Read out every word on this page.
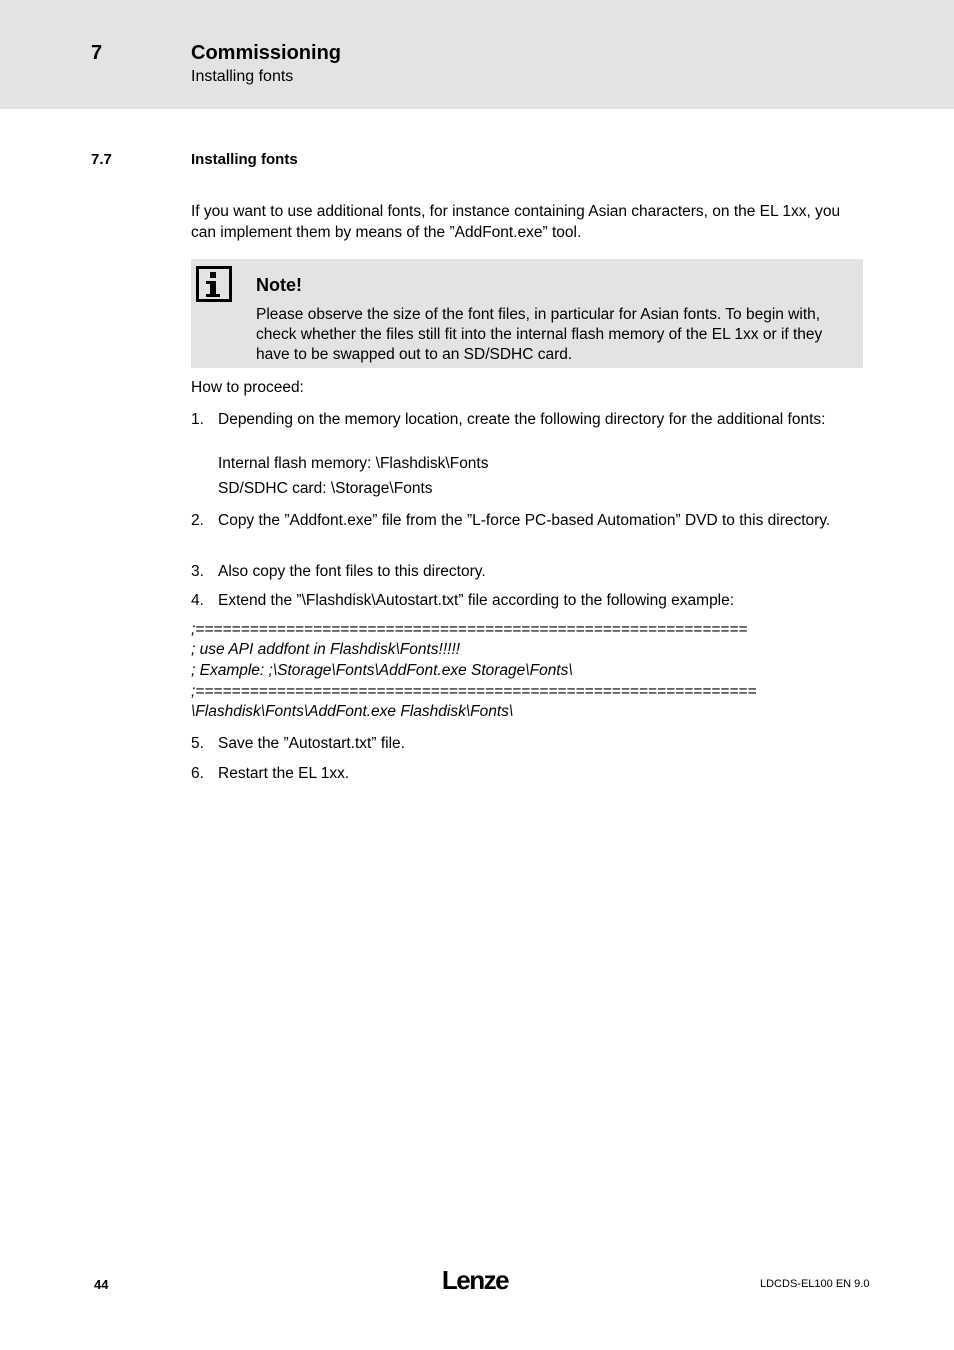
7	Commissioning
Installing fonts
7.7	Installing fonts
If you want to use additional fonts, for instance containing Asian characters, on the EL 1xx, you can implement them by means of the ”AddFont.exe” tool.
Note!
Please observe the size of the font files, in particular for Asian fonts. To begin with, check whether the files still fit into the internal flash memory of the EL 1xx or if they have to be swapped out to an SD/SDHC card.
How to proceed:
1. Depending on the memory location, create the following directory for the additional fonts:
Internal flash memory: \Flashdisk\Fonts
SD/SDHC card: \Storage\Fonts
2. Copy the ”Addfont.exe” file from the ”L-force PC-based Automation” DVD to this directory.
3. Also copy the font files to this directory.
4. Extend the ”\Flashdisk\Autostart.txt” file according to the following example:
;=============================================================
; use API addfont in Flashdisk\Fonts!!!!!
; Example: ;\Storage\Fonts\AddFont.exe Storage\Fonts\
;==============================================================
\Flashdisk\Fonts\AddFont.exe Flashdisk\Fonts\
5. Save the ”Autostart.txt” file.
6. Restart the EL 1xx.
44	Lenze	LDCDS-EL100 EN 9.0
